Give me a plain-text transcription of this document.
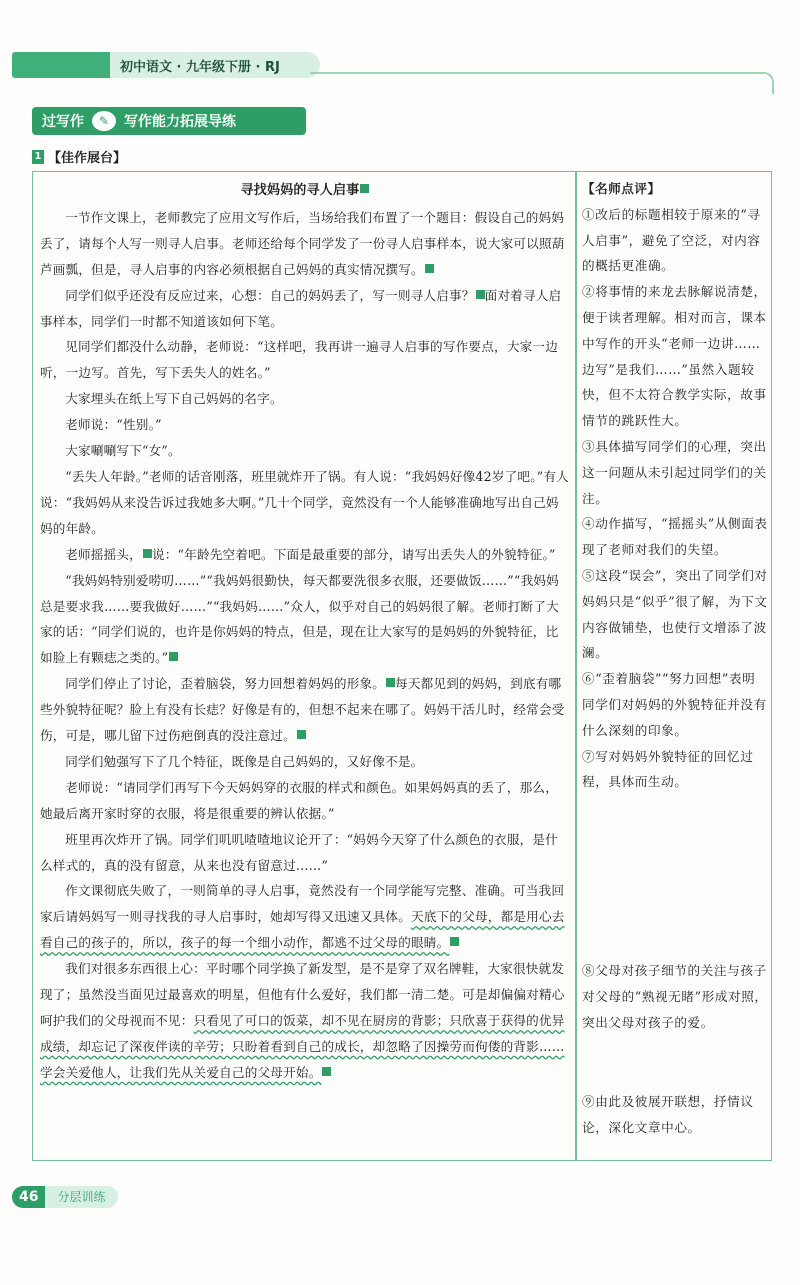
初中语文 · 九年级下册 · RJ
过写作	✎	写作能力拓展导练
1 【佳作展台】
寻找妈妈的寻人启事

一节作文课上，老师教完了应用文写作后，当场给我们布置了一个题目：假设自己的妈妈丢了，请每个人写一则寻人启事。老师还给每个同学发了一份寻人启事样本，说大家可以照葫芦画瓢，但是，寻人启事的内容必须根据自己妈妈的真实情况撰写。

同学们似乎还没有反应过来，心想：自己的妈妈丢了，写一则寻人启事？ 面对着寻人启事样本，同学们一时都不知道该如何下笔。

见同学们都没什么动静，老师说：“这样吧，我再讲一遍寻人启事的写作要点，大家一边听，一边写。首先，写下丢失人的姓名。”

大家埋头在纸上写下自己妈妈的名字。

老师说：“性别。”

大家唰唰写下“女”。

“丢失人年龄。”老师的话音刚落，班里就炸开了锅。有人说：“我妈妈好像42岁了吧。”有人说：“我妈妈从来没告诉过我她多大啊。”几十个同学，竟然没有一个人能够准确地写出自己妈妈的年龄。

老师摇摇头， 说：“年龄先空着吧。下面是最重要的部分，请写出丢失人的外貌特征。”

“我妈妈特别爱唠叨……”“我妈妈很勤快，每天都要洗很多衣服，还要做饭……”“我妈妈总是要求我……要我做好……”“我妈妈……”众人，似乎对自己的妈妈很了解。老师打断了大家的话：“同学们说的，也许是你妈妈的特点，但是，现在让大家写的是妈妈的外貌特征，比如脸上有颗痣之类的。”

同学们停止了讨论，歪着脑袋，努力回想着妈妈的形象。 每天都见到的妈妈，到底有哪些外貌特征呢？脸上有没有长痣？好像是有的，但想不起来在哪了。妈妈干活儿时，经常会受伤，可是，哪儿留下过伤疤倒真的没注意过。

同学们勉强写下了几个特征，既像是自己妈妈的，又好像不是。

老师说：“请同学们再写下今天妈妈穿的衣服的样式和颜色。如果妈妈真的丢了，那么，她最后离开家时穿的衣服，将是很重要的辨认依据。”

班里再次炸开了锅。同学们叽叽喳喳地议论开了：“妈妈今天穿了什么颜色的衣服，是什么样式的，真的没有留意，从来也没有留意过……”

作文课彻底失败了，一则简单的寻人启事，竟然没有一个同学能写完整、准确。可当我回家后请妈妈写一则寻找我的寻人启事时，她却写得又迅速又具体。天底下的父母，都是用心去看自己的孩子的，所以，孩子的每一个细小动作，都逃不过父母的眼睛。

我们对很多东西很上心：平时哪个同学换了新发型，是不是穿了双名牌鞋，大家很快就发现了；虽然没当面见过最喜欢的明星，但他有什么爱好，我们都一清二楚。可是却偏偏对精心呵护我们的父母视而不见：只看见了可口的饭菜，却不见在厨房的背影；只欣喜于获得的优异成绩，却忘记了深夜伴读的辛劳；只盼着看到自己的成长，却忽略了因操劳而佝偻的背影……学会关爱他人，让我们先从关爱自己的父母开始。

【名师点评】

①改后的标题相较于原来的“寻人启事”，避免了空泛，对内容的概括更准确。

②将事情的来龙去脉解说清楚，便于读者理解。相对而言，课本中写作的开头“老师一边讲……边写”是我们……”虽然入题较快，但不太符合教学实际，故事情节的跳跃性大。

③具体描写同学们的心理，突出这一问题从未引起过同学们的关注。

④动作描写，“摇摇头”从侧面表现了老师对我们的失望。

⑤这段“误会”，突出了同学们对妈妈只是“似乎”很了解，为下文内容做铺垫，也使行文增添了波澜。

⑥“歪着脑袋”“努力回想”表明同学们对妈妈的外貌特征并没有什么深刻的印象。

⑦写对妈妈外貌特征的回忆过程，具体而生动。

⑧父母对孩子细节的关注与孩子对父母的“熟视无睹”形成对照，突出父母对孩子的爱。

⑨由此及彼展开联想，抒情议论，深化文章中心。

46	分层训练
